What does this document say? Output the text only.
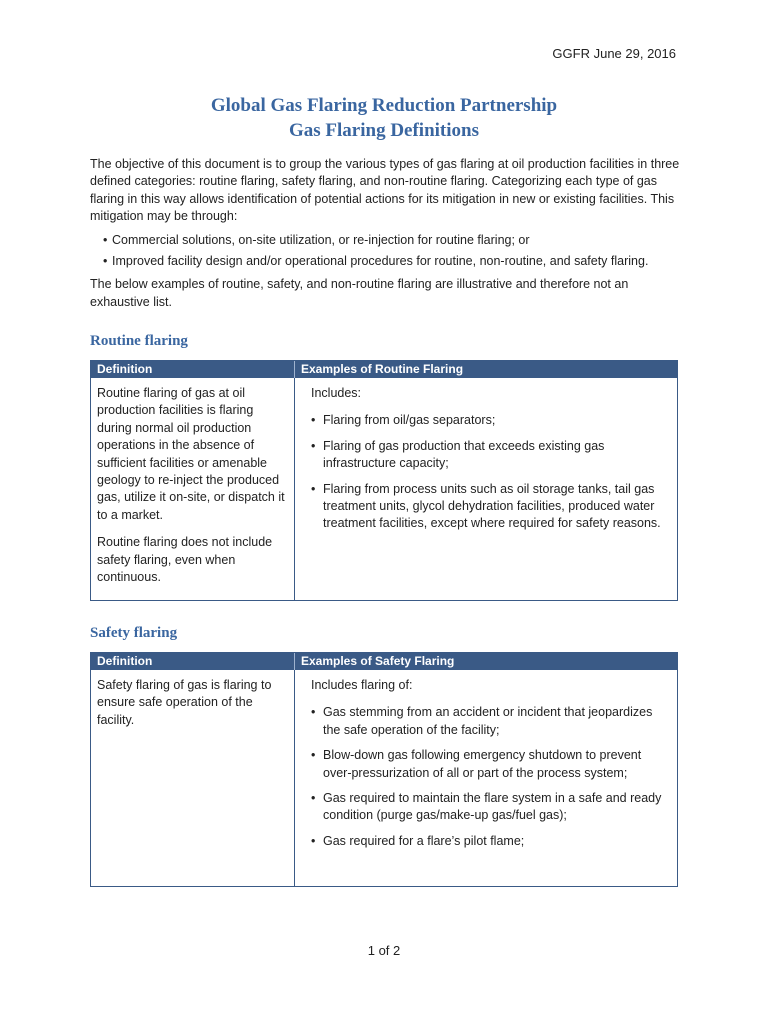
GGFR June 29, 2016
Global Gas Flaring Reduction Partnership
Gas Flaring Definitions

The objective of this document is to group the various types of gas flaring at oil production facilities in three defined categories: routine flaring, safety flaring, and non-routine flaring. Categorizing each type of gas flaring in this way allows identification of potential actions for its mitigation in new or existing facilities. This mitigation may be through:

• Commercial solutions, on-site utilization, or re-injection for routine flaring; or
• Improved facility design and/or operational procedures for routine, non-routine, and safety flaring.

The below examples of routine, safety, and non-routine flaring are illustrative and therefore not an exhaustive list.

Routine flaring
Definition	Examples of Routine Flaring

Routine flaring of gas at oil production facilities is flaring during normal oil production operations in the absence of sufficient facilities or amenable geology to re-inject the produced gas, utilize it on-site, or dispatch it to a market.

Routine flaring does not include safety flaring, even when continuous.

Includes:

• Flaring from oil/gas separators;
• Flaring of gas production that exceeds existing gas infrastructure capacity;
• Flaring from process units such as oil storage tanks, tail gas treatment units, glycol dehydration facilities, produced water treatment facilities, except where required for safety reasons.
Safety flaring
Definition	Examples of Safety Flaring

Safety flaring of gas is flaring to ensure safe operation of the facility.

Includes flaring of:

• Gas stemming from an accident or incident that jeopardizes the safe operation of the facility;
• Blow-down gas following emergency shutdown to prevent over-pressurization of all or part of the process system;
• Gas required to maintain the flare system in a safe and ready condition (purge gas/make-up gas/fuel gas);
• Gas required for a flare’s pilot flame;
1 of 2
